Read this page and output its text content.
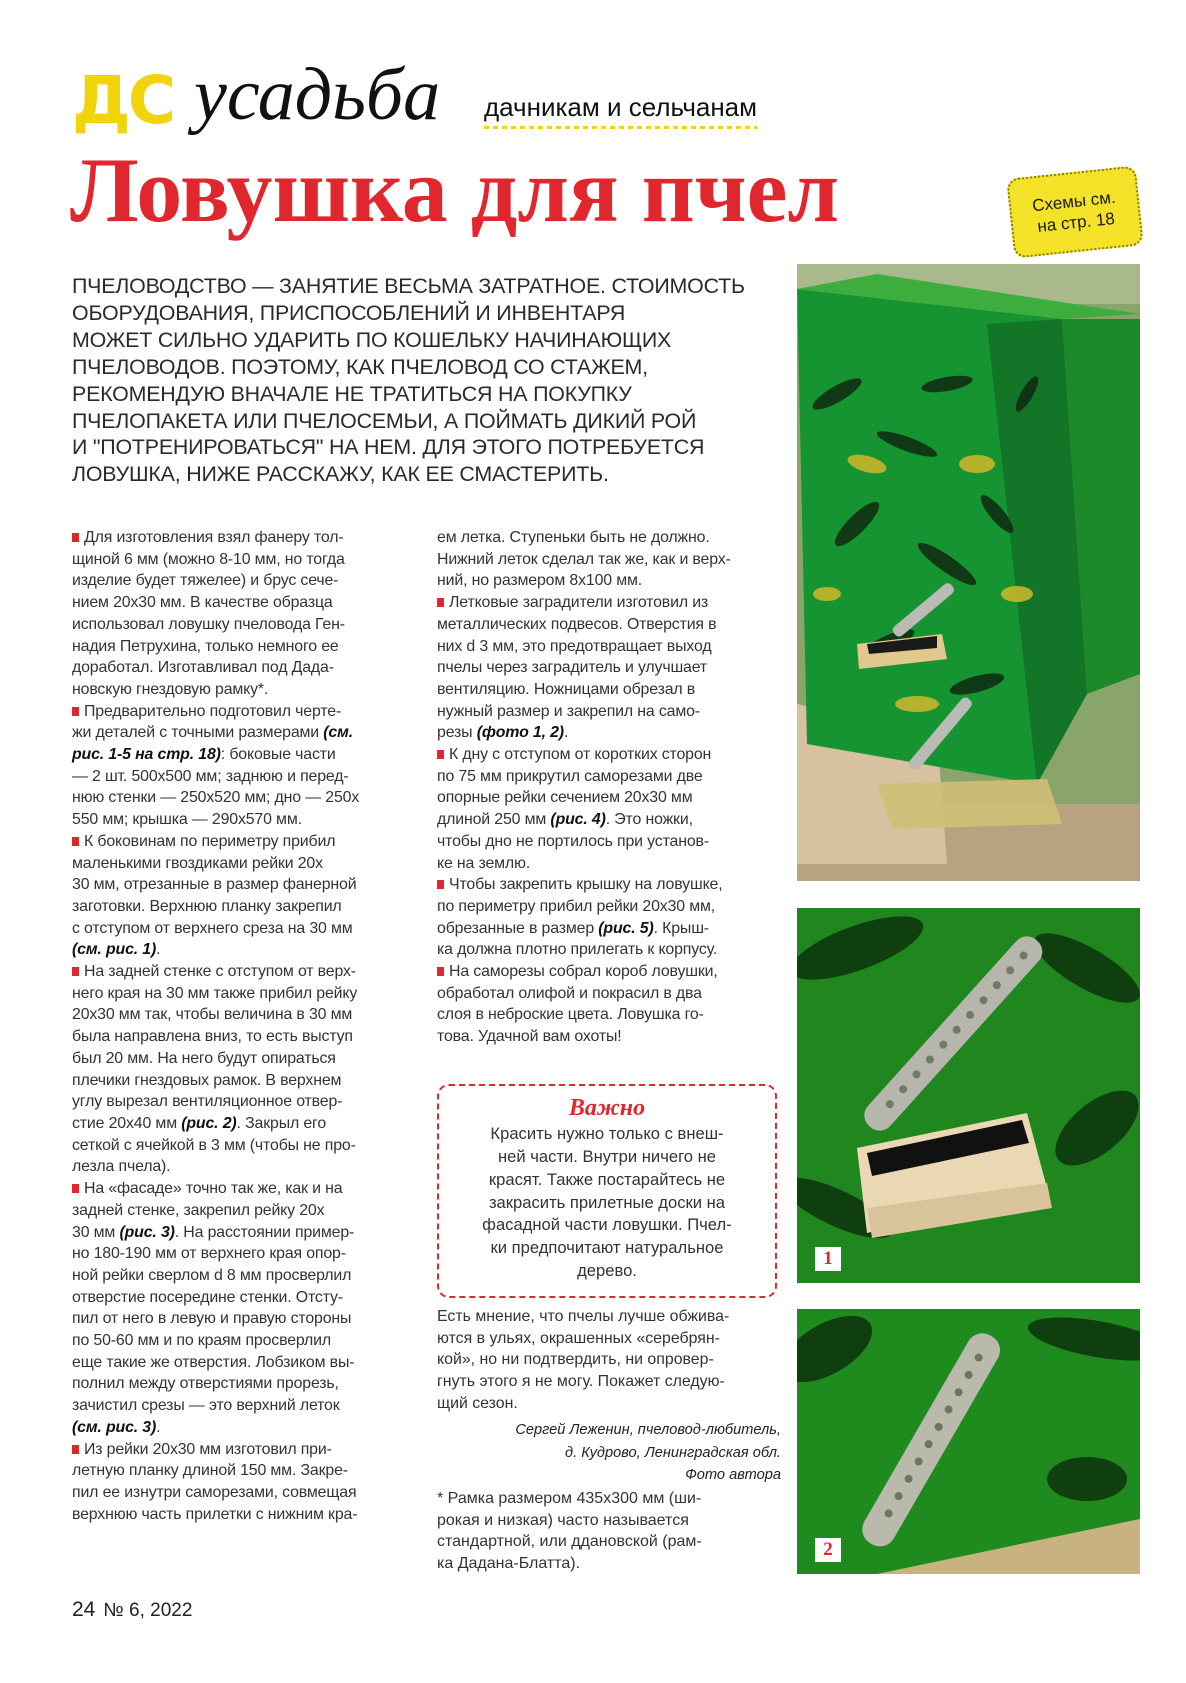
ДС усадьба дачникам и сельчанам
Ловушка для пчел	Схемы см.
на стр. 18

ПЧЕЛОВОДСТВО — ЗАНЯТИЕ ВЕСЬМА ЗАТРАТНОЕ. СТОИМОСТЬ

ОБОРУДОВАНИЯ, ПРИСПОСОБЛЕНИЙ И ИНВЕНТАРЯ

МОЖЕТ СИЛЬНО УДАРИТЬ ПО КОШЕЛЬКУ НАЧИНАЮЩИХ

ПЧЕЛОВОДОВ. ПОЭТОМУ, КАК ПЧЕЛОВОД СО СТАЖЕМ,

РЕКОМЕНДУЮ ВНАЧАЛЕ НЕ ТРАТИТЬСЯ НА ПОКУПКУ

ПЧЕЛОПАКЕТА ИЛИ ПЧЕЛОСЕМЬИ, А ПОЙМАТЬ ДИКИЙ РОЙ

И "ПОТРЕНИРОВАТЬСЯ" НА НЕМ. ДЛЯ ЭТОГО ПОТРЕБУЕТСЯ

ЛОВУШКА, НИЖЕ РАССКАЖУ, КАК ЕЕ СМАСТЕРИТЬ.

Для изготовления взял фанеру тол-
щиной 6 мм (можно 8-10 мм, но тогда
изделие будет тяжелее) и брус сече-
нием 20х30 мм. В качестве образца
использовал ловушку пчеловода Ген-
надия Петрухина, только немного ее
доработал. Изготавливал под Дада-
новскую гнездовую рамку*.
Предварительно подготовил черте-
жи деталей с точными размерами (см.
рис. 1-5 на стр. 18): боковые части
— 2 шт. 500х500 мм; заднюю и перед-
нюю стенки — 250х520 мм; дно — 250х
550 мм; крышка — 290х570 мм.
К боковинам по периметру прибил
маленькими гвоздиками рейки 20х
30 мм, отрезанные в размер фанерной
заготовки. Верхнюю планку закрепил
с отступом от верхнего среза на 30 мм
(см. рис. 1).
На задней стенке с отступом от верх-
него края на 30 мм также прибил рейку
20х30 мм так, чтобы величина в 30 мм
была направлена вниз, то есть выступ
был 20 мм. На него будут опираться
плечики гнездовых рамок. В верхнем
углу вырезал вентиляционное отвер-
стие 20х40 мм (рис. 2). Закрыл его
сеткой с ячейкой в 3 мм (чтобы не про-
лезла пчела).
На «фасаде» точно так же, как и на
задней стенке, закрепил рейку 20х
30 мм (рис. 3). На расстоянии пример-
но 180-190 мм от верхнего края опор-
ной рейки сверлом d 8 мм просверлил
отверстие посередине стенки. Отсту-
пил от него в левую и правую стороны
по 50-60 мм и по краям просверлил
еще такие же отверстия. Лобзиком вы-
полнил между отверстиями прорезь,
зачистил срезы — это верхний леток
(см. рис. 3).
Из рейки 20х30 мм изготовил при-
летную планку длиной 150 мм. Закре-
пил ее изнутри саморезами, совмещая
верхнюю часть прилетки с нижним кра-
ем летка. Ступеньки быть не должно.
Нижний леток сделал так же, как и верх-
ний, но размером 8х100 мм.
Летковые заградители изготовил из
металлических подвесов. Отверстия в
них d 3 мм, это предотвращает выход
пчелы через заградитель и улучшает
вентиляцию. Ножницами обрезал в
нужный размер и закрепил на само-
резы (фото 1, 2).
К дну с отступом от коротких сторон
по 75 мм прикрутил саморезами две
опорные рейки сечением 20х30 мм
длиной 250 мм (рис. 4). Это ножки,
чтобы дно не портилось при установ-
ке на землю.
Чтобы закрепить крышку на ловушке,
по периметру прибил рейки 20х30 мм,
обрезанные в размер (рис. 5). Крыш-
ка должна плотно прилегать к корпусу.
На саморезы собрал короб ловушки,
обработал олифой и покрасил в два
слоя в неброские цвета. Ловушка го-
това. Удачной вам охоты!
Важно
Красить нужно только с внеш-
ней части. Внутри ничего не
красят. Также постарайтесь не
закрасить прилетные доски на
фасадной части ловушки. Пчел-
ки предпочитают натуральное
дерево.
Есть мнение, что пчелы лучше обжива-
ются в ульях, окрашенных «серебрян-
кой», но ни подтвердить, ни опровер-
гнуть этого я не могу. Покажет следую-
щий сезон.
Сергей Леженин, пчеловод-любитель,
д. Кудрово, Ленинградская обл.
Фото автора
* Рамка размером 435х300 мм (ши-
рокая и низкая) часто называется
стандартной, или ддановской (рам-
ка Дадана-Блатта).
24 № 6, 2022
1
2
